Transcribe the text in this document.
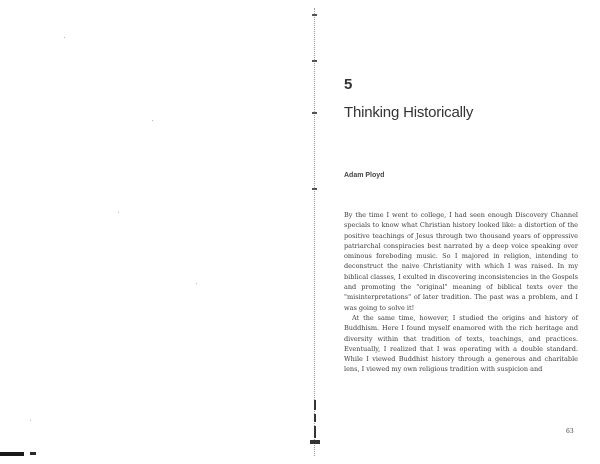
5
Thinking Historically

Adam Ployd

By the time I went to college, I had seen enough Discovery Channel specials to know what Christian history looked like: a distortion of the positive teachings of Jesus through two thousand years of oppressive patriarchal conspiracies best narrated by a deep voice speaking over ominous foreboding music. So I majored in religion, intending to deconstruct the naive Christianity with which I was raised. In my biblical classes, I exulted in discovering inconsistencies in the Gospels and promoting the "original" meaning of biblical texts over the "misinterpretations" of later tradition. The past was a problem, and I was going to solve it!

At the same time, however, I studied the origins and history of Buddhism. Here I found myself enamored with the rich heritage and diversity within that tradition of texts, teachings, and practices. Eventually, I realized that I was operating with a double standard. While I viewed Buddhist history through a generous and charitable lens, I viewed my own religious tradition with suspicion and

63
